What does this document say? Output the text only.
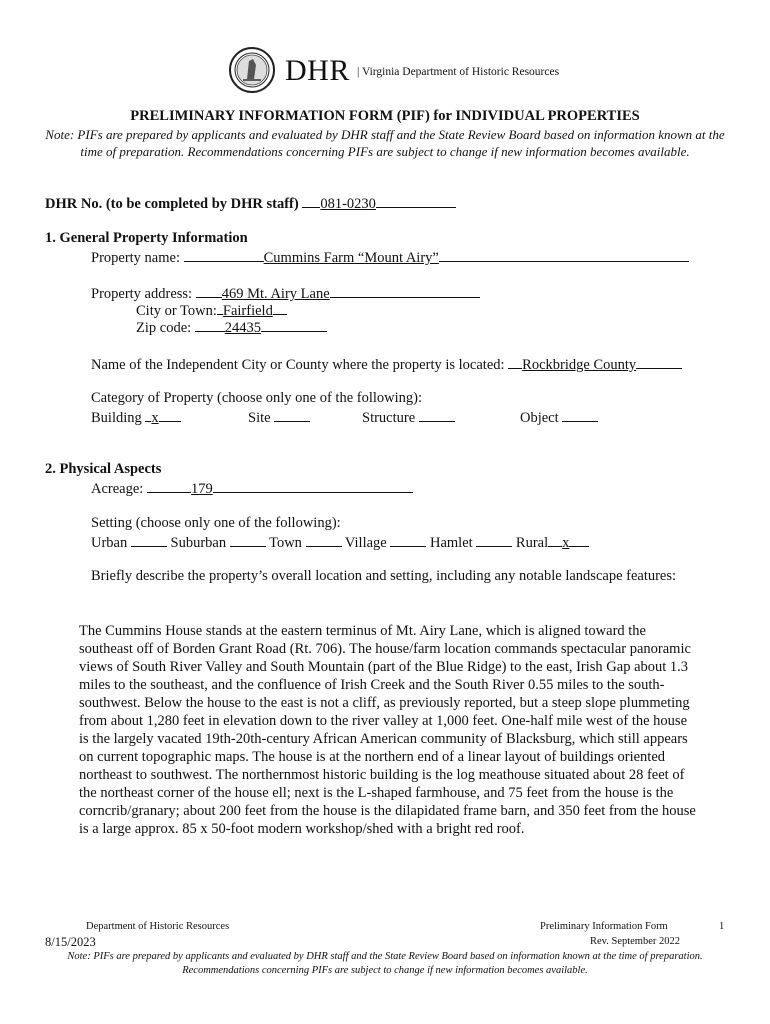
DHR | Virginia Department of Historic Resources
PRELIMINARY INFORMATION FORM (PIF) for INDIVIDUAL PROPERTIES
Note: PIFs are prepared by applicants and evaluated by DHR staff and the State Review Board based on information known at the time of preparation. Recommendations concerning PIFs are subject to change if new information becomes available.
DHR No. (to be completed by DHR staff) 081-0230
1. General Property Information
Property name:	Cummins Farm “Mount Airy”
Property address: 469 Mt. Airy Lane
City or Town: Fairfield
Zip code: 24435
Name of the Independent City or County where the property is located: Rockbridge County
Category of Property (choose only one of the following):
Building x	Site	Structure	Object
2. Physical Aspects
Acreage:	179
Setting (choose only one of the following):
Urban	Suburban	Town	Village	Hamlet	Rural x
Briefly describe the property’s overall location and setting, including any notable landscape features:
The Cummins House stands at the eastern terminus of Mt. Airy Lane, which is aligned toward the southeast off of Borden Grant Road (Rt. 706). The house/farm location commands spectacular panoramic views of South River Valley and South Mountain (part of the Blue Ridge) to the east, Irish Gap about 1.3 miles to the southeast, and the confluence of Irish Creek and the South River 0.55 miles to the south-southwest. Below the house to the east is not a cliff, as previously reported, but a steep slope plummeting from about 1,280 feet in elevation down to the river valley at 1,000 feet. One-half mile west of the house is the largely vacated 19th-20th-century African American community of Blacksburg, which still appears on current topographic maps. The house is at the northern end of a linear layout of buildings oriented northeast to southwest. The northernmost historic building is the log meathouse situated about 28 feet of the northeast corner of the house ell; next is the L-shaped farmhouse, and 75 feet from the house is the corncrib/granary; about 200 feet from the house is the dilapidated frame barn, and 350 feet from the house is a large approx. 85 x 50-foot modern workshop/shed with a bright red roof.
Department of Historic Resources	Preliminary Information Form	1
8/15/2023	Rev. September 2022
Note: PIFs are prepared by applicants and evaluated by DHR staff and the State Review Board based on information known at the time of preparation. Recommendations concerning PIFs are subject to change if new information becomes available.
